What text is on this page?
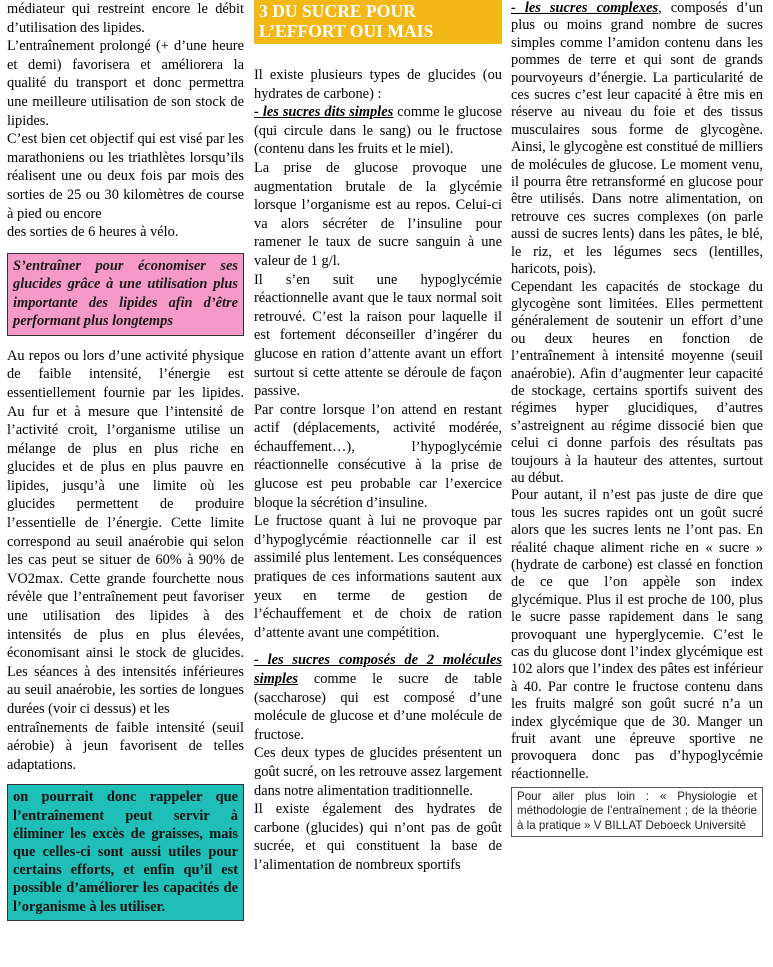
médiateur qui restreint encore le débit d’utilisation des lipides.

L’entraînement prolongé (+ d’une heure et demi) favorisera et améliorera la qualité du transport et donc permettra une meilleure utilisation de son stock de lipides.

C’est bien cet objectif qui est visé par les marathoniens ou les triathlètes lorsqu’ils réalisent une ou deux fois par mois des sorties de 25 ou 30 kilomètres de course à pied ou encore

des sorties de 6 heures à vélo.

S’entraîner pour économiser ses glucides grâce à une utilisation plus importante des lipides afin d’être performant plus longtemps

Au repos ou lors d’une activité physique de faible intensité, l’énergie est essentiellement fournie par les lipides. Au fur et à mesure que l’intensité de l’activité croit, l’organisme utilise un mélange de plus en plus riche en glucides et de plus en plus pauvre en lipides, jusqu’à une limite où les glucides permettent de produire l’essentielle de l’énergie. Cette limite correspond au seuil anaérobie qui selon les cas peut se situer de 60% à 90% de VO2max. Cette grande fourchette nous révèle que l’entraînement peut favoriser une utilisation des lipides à des intensités de plus en plus élevées, économisant ainsi le stock de glucides. Les séances à des intensités inférieures au seuil anaérobie, les sorties de longues durées (voir ci dessus) et les

entraînements de faible intensité (seuil aérobie) à jeun favorisent de telles adaptations.

on pourrait donc rappeler que l’entraînement peut servir à éliminer les excès de graisses, mais que celles-ci sont aussi utiles pour certains efforts, et enfin qu’il est possible d’améliorer les capacités de l’organisme à les utiliser.
3 DU SUCRE POUR L’EFFORT OUI MAIS

Il existe plusieurs types de glucides (ou hydrates de carbone) :

- les sucres dits simples comme le glucose (qui circule dans le sang) ou le fructose (contenu dans les fruits et le miel).

La prise de glucose provoque une augmentation brutale de la glycémie lorsque l’organisme est au repos. Celui-ci va alors sécréter de l’insuline pour ramener le taux de sucre sanguin à une valeur de 1 g/l.

Il s’en suit une hypoglycémie réactionnelle avant que le taux normal soit retrouvé. C’est la raison pour laquelle il est fortement déconseiller d’ingérer du glucose en ration d’attente avant un effort surtout si cette attente se déroule de façon passive.

Par contre lorsque l’on attend en restant actif (déplacements, activité modérée, échauffement…), l’hypoglycémie réactionnelle consécutive à la prise de glucose est peu probable car l’exercice bloque la sécrétion d’insuline.

Le fructose quant à lui ne provoque par d’hypoglycémie réactionnelle car il est assimilé plus lentement. Les conséquences pratiques de ces informations sautent aux yeux en terme de gestion de l’échauffement et de choix de ration d’attente avant une compétition.

- les sucres composés de 2 molécules simples comme le sucre de table (saccharose) qui est composé d’une molécule de glucose et d’une molécule de fructose.

Ces deux types de glucides présentent un goût sucré, on les retrouve assez largement dans notre alimentation traditionnelle.

Il existe également des hydrates de carbone (glucides) qui n’ont pas de goût sucrée, et qui constituent la base de l’alimentation de nombreux sportifs

- les sucres complexes, composés d’un plus ou moins grand nombre de sucres simples comme l’amidon contenu dans les pommes de terre et qui sont de grands pourvoyeurs d’énergie. La particularité de ces sucres c’est leur capacité à être mis en réserve au niveau du foie et des tissus musculaires sous forme de glycogène. Ainsi, le glycogène est constitué de milliers de molécules de glucose. Le moment venu, il pourra être retransformé en glucose pour être utilisés. Dans notre alimentation, on retrouve ces sucres complexes (on parle aussi de sucres lents) dans les pâtes, le blé, le riz, et les légumes secs (lentilles, haricots, pois).

Cependant les capacités de stockage du glycogène sont limitées. Elles permettent généralement de soutenir un effort d’une ou deux heures en fonction de l’entraînement à intensité moyenne (seuil anaérobie). Afin d’augmenter leur capacité de stockage, certains sportifs suivent des régimes hyper glucidiques, d’autres s’astreignent au régime dissocié bien que celui ci donne parfois des résultats pas toujours à la hauteur des attentes, surtout au début.

Pour autant, il n’est pas juste de dire que tous les sucres rapides ont un goût sucré alors que les sucres lents ne l’ont pas. En réalité chaque aliment riche en « sucre » (hydrate de carbone) est classé en fonction de ce que l’on appèle son index glycémique. Plus il est proche de 100, plus le sucre passe rapidement dans le sang provoquant une hyperglycemie. C’est le cas du glucose dont l’index glycémique est 102 alors que l’index des pâtes est inférieur à 40. Par contre le fructose contenu dans les fruits malgré son goût sucré n’a un index glycémique que de 30. Manger un fruit avant une épreuve sportive ne provoquera donc pas d’hypoglycémie réactionnelle.

Pour aller plus loin : « Physiologie et méthodologie de l’entraînement ; de la théorie à la pratique » V BILLAT Deboeck Université
